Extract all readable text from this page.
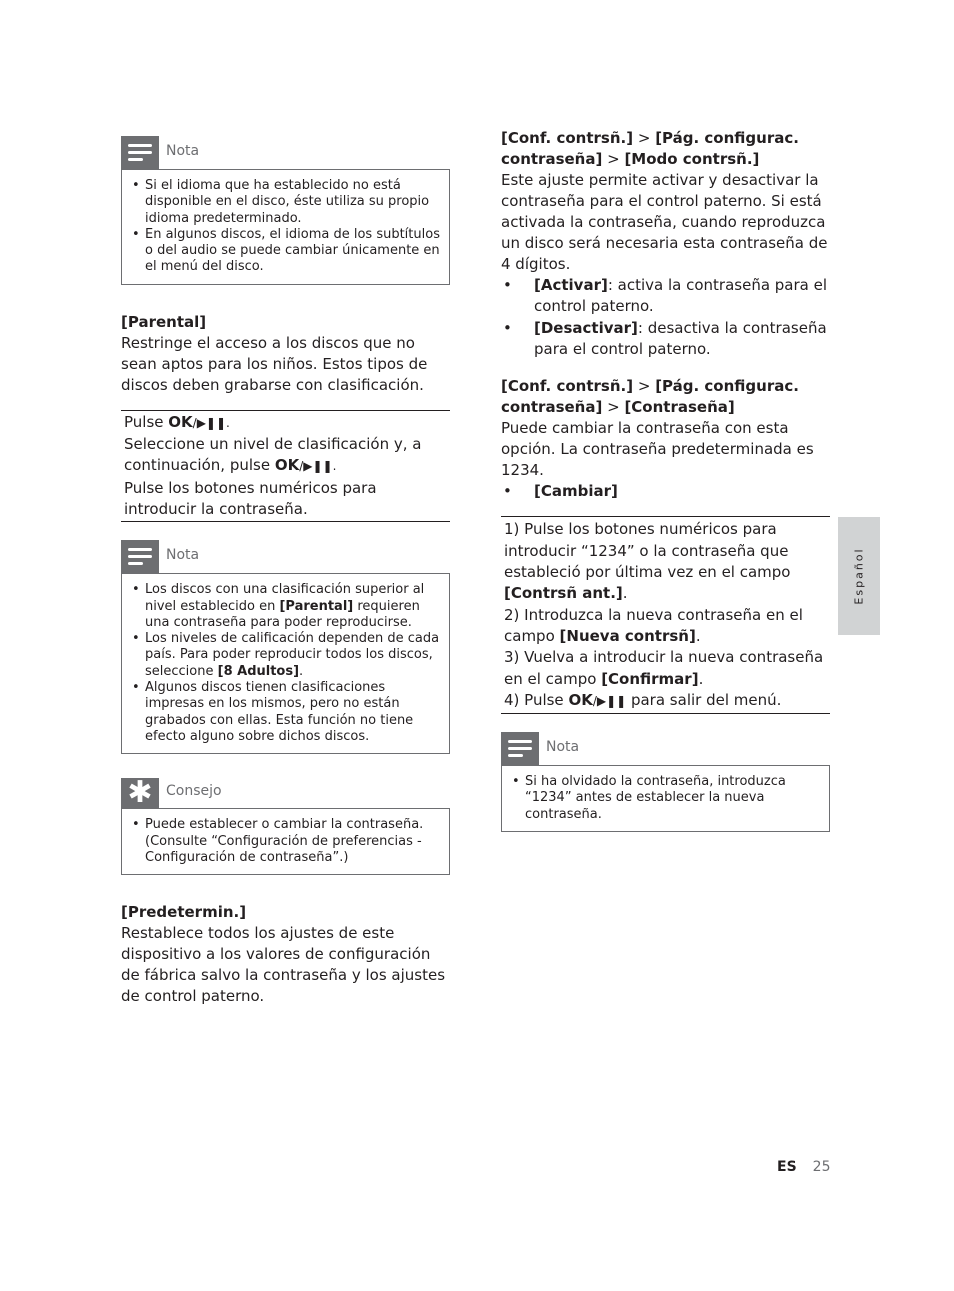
Nota
• Si el idioma que ha establecido no está disponible en el disco, éste utiliza su propio idioma predeterminado.
• En algunos discos, el idioma de los subtítulos o del audio se puede cambiar únicamente en el menú del disco.
[Parental]
Restringe el acceso a los discos que no sean aptos para los niños. Estos tipos de discos deben grabarse con clasificación.
Pulse OK/▶❚❚.
Seleccione un nivel de clasificación y, a continuación, pulse OK/▶❚❚.
Pulse los botones numéricos para introducir la contraseña.
Nota
• Los discos con una clasificación superior al nivel establecido en [Parental] requieren una contraseña para poder reproducirse.
• Los niveles de calificación dependen de cada país. Para poder reproducir todos los discos, seleccione [8 Adultos].
• Algunos discos tienen clasificaciones impresas en los mismos, pero no están grabados con ellas. Esta función no tiene efecto alguno sobre dichos discos.
✱ Consejo
• Puede establecer o cambiar la contraseña. (Consulte “Configuración de preferencias - Configuración de contraseña”.)
[Predetermin.]
Restablece todos los ajustes de este dispositivo a los valores de configuración de fábrica salvo la contraseña y los ajustes de control paterno.
[Conf. contrsñ.] > [Pág. configurac. contraseña] > [Modo contrsñ.]
Este ajuste permite activar y desactivar la contraseña para el control paterno. Si está activada la contraseña, cuando reproduzca un disco será necesaria esta contraseña de 4 dígitos.
• [Activar]: activa la contraseña para el control paterno.
• [Desactivar]: desactiva la contraseña para el control paterno.
[Conf. contrsñ.] > [Pág. configurac. contraseña] > [Contraseña]
Puede cambiar la contraseña con esta opción. La contraseña predeterminada es 1234.
• [Cambiar]
1) Pulse los botones numéricos para introducir “1234” o la contraseña que estableció por última vez en el campo [Contrsñ ant.].
2) Introduzca la nueva contraseña en el campo [Nueva contrsñ].
3) Vuelva a introducir la nueva contraseña en el campo [Confirmar].
4) Pulse OK/▶❚❚ para salir del menú.
Nota
• Si ha olvidado la contraseña, introduzca “1234” antes de establecer la nueva contraseña.
Español
ES 25
